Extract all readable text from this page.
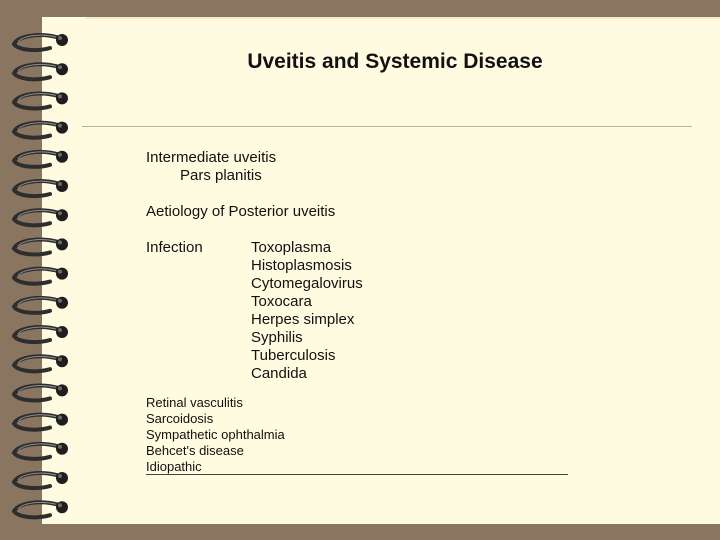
Uveitis and Systemic Disease
Intermediate uveitis
Pars planitis
Aetiology of Posterior uveitis
Infection	Toxoplasma
Histoplasmosis
Cytomegalovirus
Toxocara
Herpes simplex
Syphilis
Tuberculosis
Candida
Retinal vasculitis
Sarcoidosis
Sympathetic ophthalmia
Behcet's disease
Idiopathic
